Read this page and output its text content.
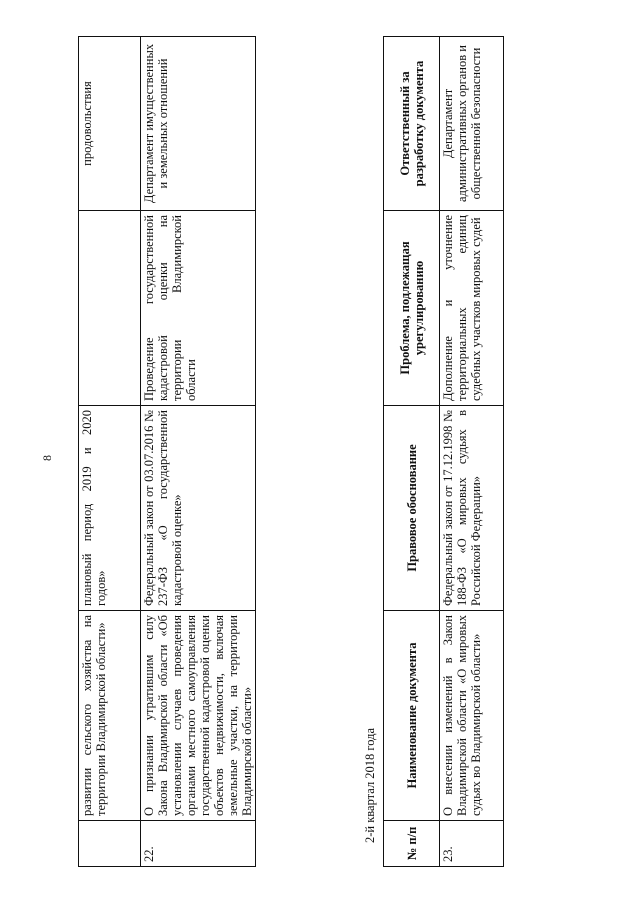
8
	развитии сельского хозяйства на территории Владимирской области»	плановый период 2019 и 2020 годов»		продовольствия
22.	О признании утратившим силу Закона Владимирской области «Об установлении случаев проведения органами местного самоуправления государственной кадастровой оценки объектов недвижимости, включая земельные участки, на территории Владимирской области»	Федеральный закон от 03.07.2016 № 237-ФЗ «О государственной кадастровой оценке»	Проведение государственной кадастровой оценки на территории Владимирской области	Департамент имущественных и земельных отношений
2-й квартал 2018 года
№ п/п	Наименование документа	Правовое обоснование	Проблема, подлежащая урегулированию	Ответственный за разработку документа
23.	О внесении изменений в Закон Владимирской области «О мировых судьях во Владимирской области»	Федеральный закон от 17.12.1998 № 188-ФЗ «О мировых судьях в Российской Федерации»	Дополнение и уточнение территориальных единиц судебных участков мировых судей	Департамент административных органов и общественной безопасности
